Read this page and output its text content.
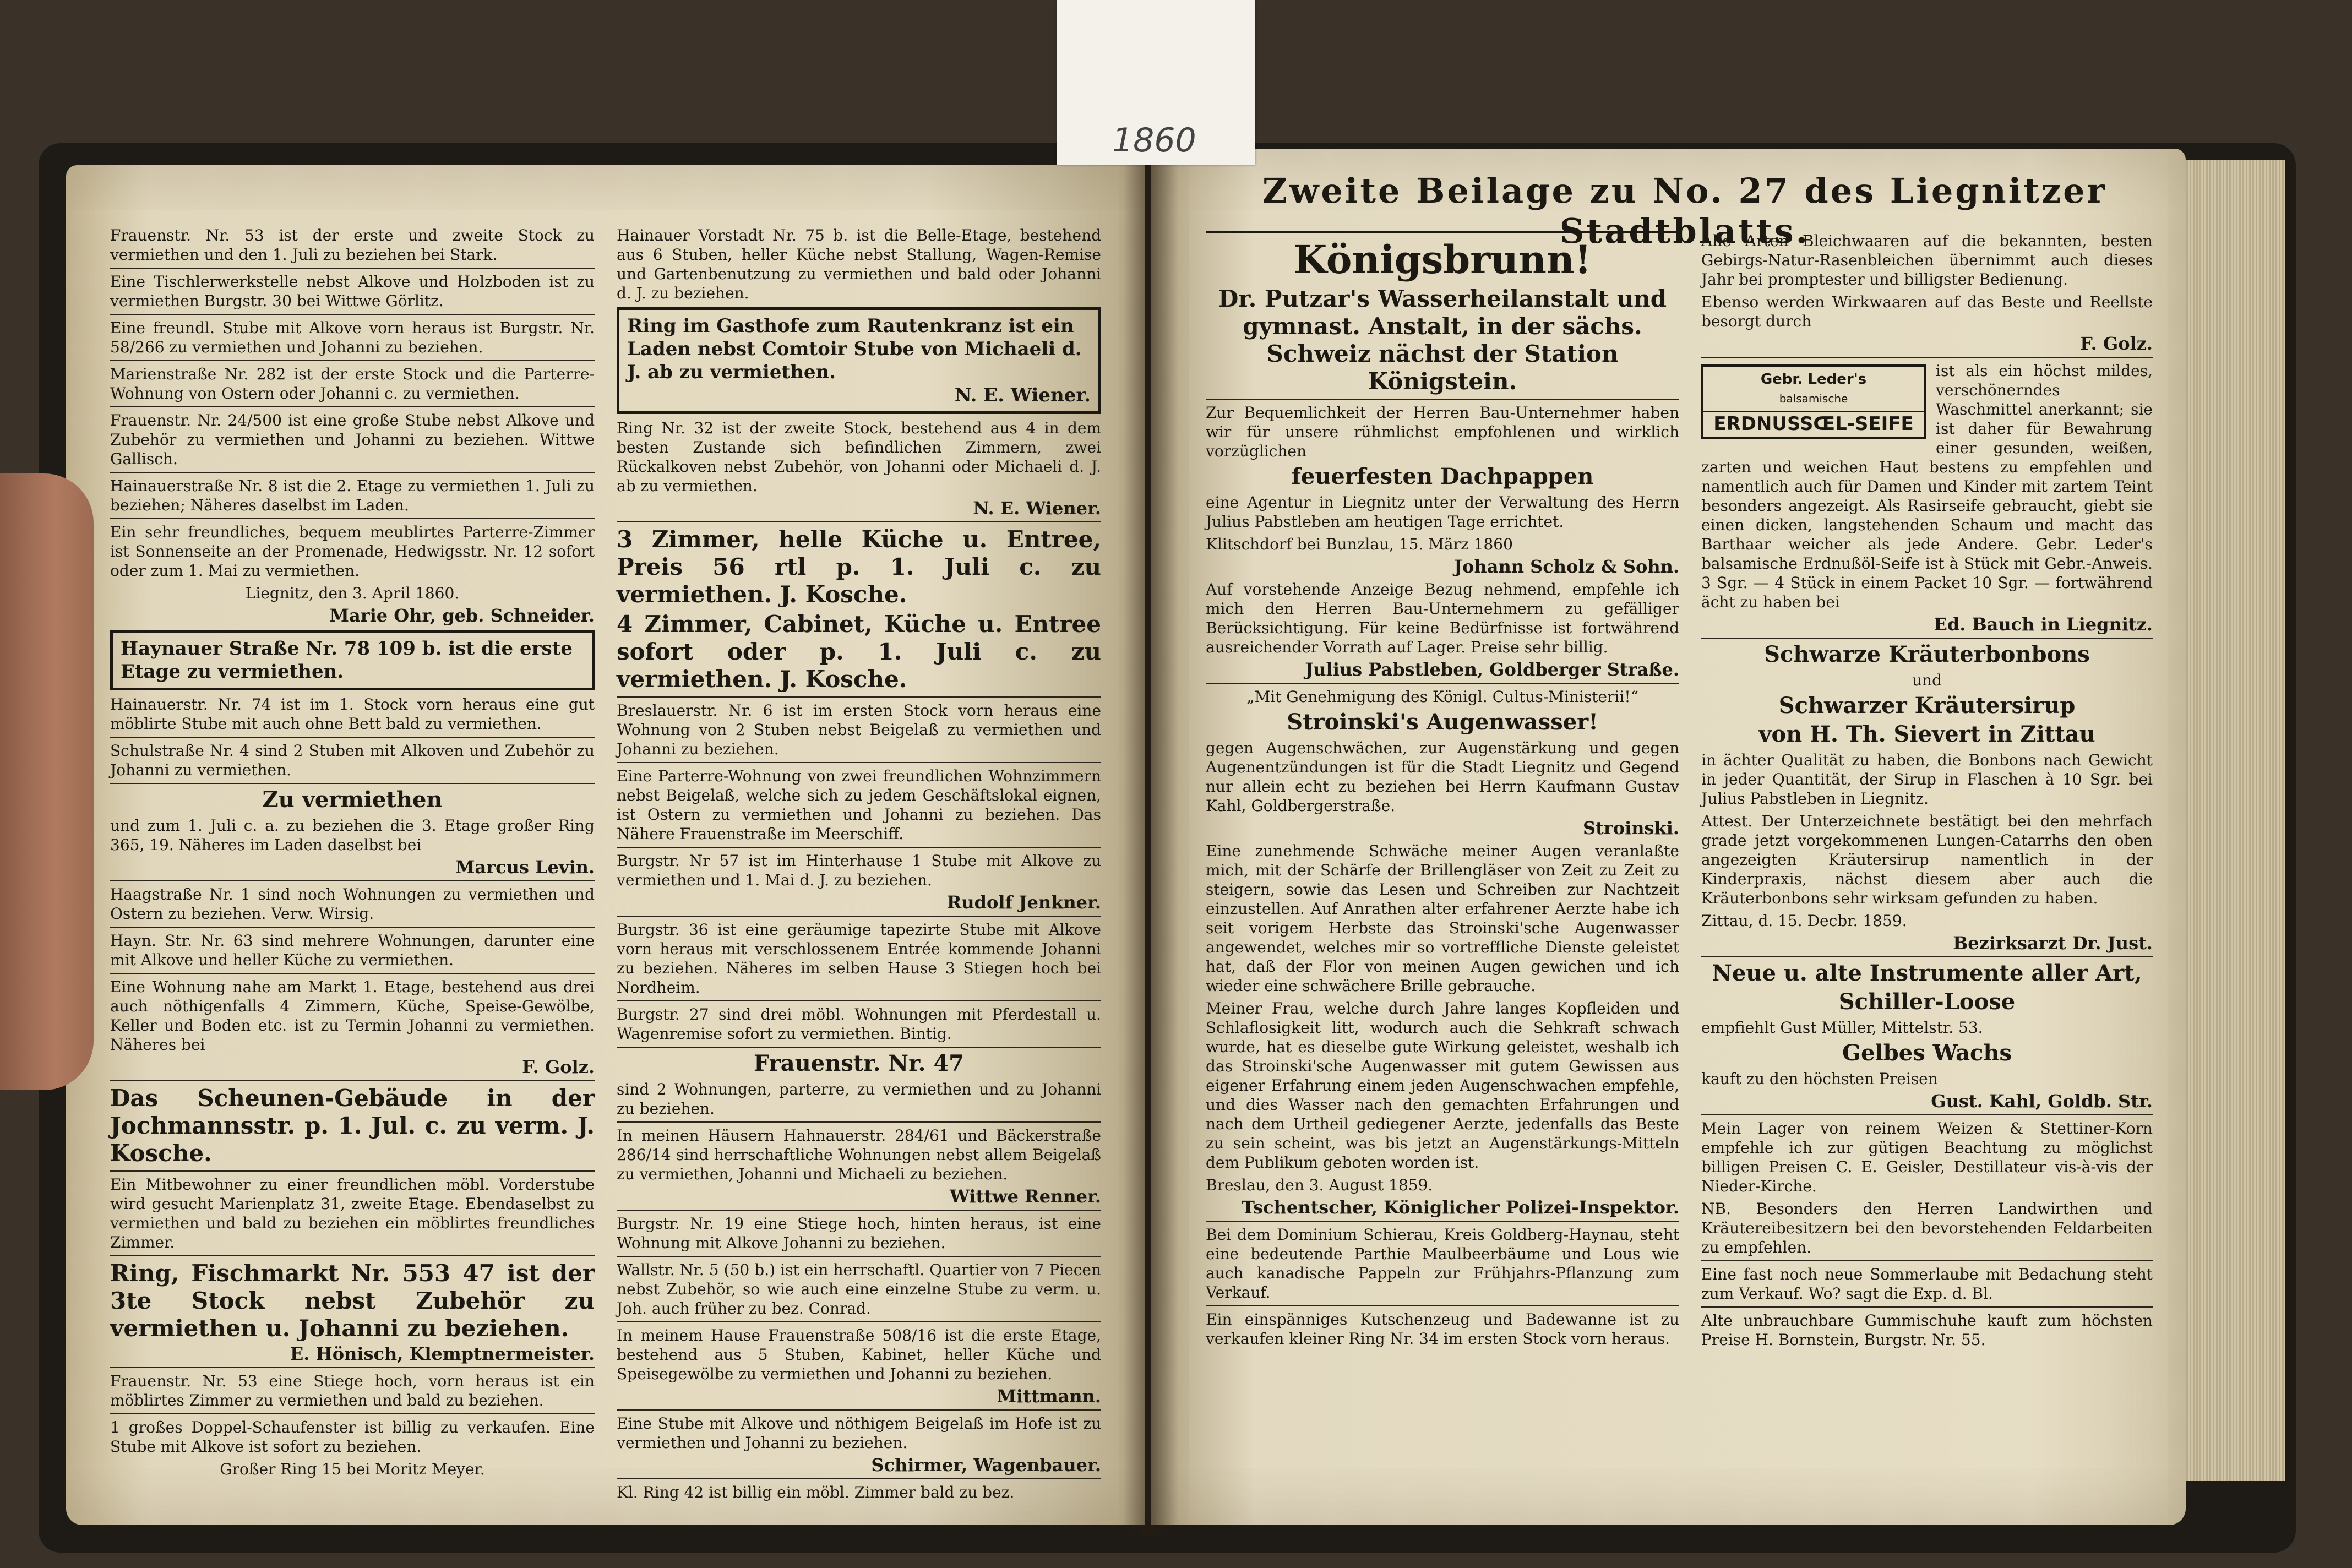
Frauenstr. Nr. 53 ist der erste und zweite Stock zu vermiethen und den 1. Juli zu beziehen bei Stark.

Eine Tischlerwerkstelle nebst Alkove und Holzboden ist zu vermiethen Burgstr. 30 bei Wittwe Görlitz.

Eine freundl. Stube mit Alkove vorn heraus ist Burgstr. Nr. 58/266 zu vermiethen und Johanni zu beziehen.

Marienstraße Nr. 282 ist der erste Stock und die Parterre-Wohnung von Ostern oder Johanni c. zu vermiethen.

Frauenstr. Nr. 24/500 ist eine große Stube nebst Alkove und Zubehör zu vermiethen und Johanni zu beziehen. Wittwe Gallisch.

Hainauerstraße Nr. 8 ist die 2. Etage zu vermiethen 1. Juli zu beziehen; Näheres daselbst im Laden.

Ein sehr freundliches, bequem meublirtes Parterre-Zimmer ist Sonnenseite an der Promenade, Hedwigsstr. Nr. 12 sofort oder zum 1. Mai zu vermiethen.

Liegnitz, den 3. April 1860.

Marie Ohr, geb. Schneider.

Haynauer Straße Nr. 78 109 b. ist die erste Etage zu vermiethen.

Hainauerstr. Nr. 74 ist im 1. Stock vorn heraus eine gut möblirte Stube mit auch ohne Bett bald zu vermiethen.

Schulstraße Nr. 4 sind 2 Stuben mit Alkoven und Zubehör zu Johanni zu vermiethen.

Zu vermiethen

und zum 1. Juli c. a. zu beziehen die 3. Etage großer Ring 365, 19. Näheres im Laden daselbst bei

Marcus Levin.

Haagstraße Nr. 1 sind noch Wohnungen zu vermiethen und Ostern zu beziehen. Verw. Wirsig.

Hayn. Str. Nr. 63 sind mehrere Wohnungen, darunter eine mit Alkove und heller Küche zu vermiethen.

Eine Wohnung nahe am Markt 1. Etage, bestehend aus drei auch nöthigenfalls 4 Zimmern, Küche, Speise-Gewölbe, Keller und Boden etc. ist zu Termin Johanni zu vermiethen. Näheres bei

F. Golz.

Das Scheunen-Gebäude in der Jochmannsstr. p. 1. Jul. c. zu verm. J. Kosche.

Ein Mitbewohner zu einer freundlichen möbl. Vorderstube wird gesucht Marienplatz 31, zweite Etage. Ebendaselbst zu vermiethen und bald zu beziehen ein möblirtes freundliches Zimmer.

Ring, Fischmarkt Nr. 553 47 ist der 3te Stock nebst Zubehör zu vermiethen u. Johanni zu beziehen.

E. Hönisch, Klemptnermeister.

Frauenstr. Nr. 53 eine Stiege hoch, vorn heraus ist ein möblirtes Zimmer zu vermiethen und bald zu beziehen.

1 großes Doppel-Schaufenster ist billig zu verkaufen. Eine Stube mit Alkove ist sofort zu beziehen.

Großer Ring 15 bei Moritz Meyer.

Hainauer Vorstadt Nr. 75 b. ist die Belle-Etage, bestehend aus 6 Stuben, heller Küche nebst Stallung, Wagen-Remise und Gartenbenutzung zu vermiethen und bald oder Johanni d. J. zu beziehen.

Ring im Gasthofe zum Rautenkranz ist ein Laden nebst Comtoir Stube von Michaeli d. J. ab zu vermiethen.
N. E. Wiener.

Ring Nr. 32 ist der zweite Stock, bestehend aus 4 in dem besten Zustande sich befindlichen Zimmern, zwei Rückalkoven nebst Zubehör, von Johanni oder Michaeli d. J. ab zu vermiethen.

N. E. Wiener.

3 Zimmer, helle Küche u. Entree, Preis 56 rtl p. 1. Juli c. zu vermiethen. J. Kosche.

4 Zimmer, Cabinet, Küche u. Entree sofort oder p. 1. Juli c. zu vermiethen. J. Kosche.

Breslauerstr. Nr. 6 ist im ersten Stock vorn heraus eine Wohnung von 2 Stuben nebst Beigelaß zu vermiethen und Johanni zu beziehen.

Eine Parterre-Wohnung von zwei freundlichen Wohnzimmern nebst Beigelaß, welche sich zu jedem Geschäftslokal eignen, ist Ostern zu vermiethen und Johanni zu beziehen. Das Nähere Frauenstraße im Meerschiff.

Burgstr. Nr 57 ist im Hinterhause 1 Stube mit Alkove zu vermiethen und 1. Mai d. J. zu beziehen.

Rudolf Jenkner.

Burgstr. 36 ist eine geräumige tapezirte Stube mit Alkove vorn heraus mit verschlossenem Entrée kommende Johanni zu beziehen. Näheres im selben Hause 3 Stiegen hoch bei Nordheim.

Burgstr. 27 sind drei möbl. Wohnungen mit Pferdestall u. Wagenremise sofort zu vermiethen. Bintig.

Frauenstr. Nr. 47

sind 2 Wohnungen, parterre, zu vermiethen und zu Johanni zu beziehen.

In meinen Häusern Hahnauerstr. 284/61 und Bäckerstraße 286/14 sind herrschaftliche Wohnungen nebst allem Beigelaß zu vermiethen, Johanni und Michaeli zu beziehen.

Wittwe Renner.

Burgstr. Nr. 19 eine Stiege hoch, hinten heraus, ist eine Wohnung mit Alkove Johanni zu beziehen.

Wallstr. Nr. 5 (50 b.) ist ein herrschaftl. Quartier von 7 Piecen nebst Zubehör, so wie auch eine einzelne Stube zu verm. u. Joh. auch früher zu bez. Conrad.

In meinem Hause Frauenstraße 508/16 ist die erste Etage, bestehend aus 5 Stuben, Kabinet, heller Küche und Speisegewölbe zu vermiethen und Johanni zu beziehen.

Mittmann.

Eine Stube mit Alkove und nöthigem Beigelaß im Hofe ist zu vermiethen und Johanni zu beziehen.

Schirmer, Wagenbauer.

Kl. Ring 42 ist billig ein möbl. Zimmer bald zu bez.

Zweite Beilage zu No. 27 des Liegnitzer Stadtblatts.

Königsbrunn!

Dr. Putzar's Wasserheilanstalt und gymnast. Anstalt, in der sächs. Schweiz nächst der Station Königstein.

Zur Bequemlichkeit der Herren Bau-Unternehmer haben wir für unsere rühmlichst empfohlenen und wirklich vorzüglichen

feuerfesten Dachpappen

eine Agentur in Liegnitz unter der Verwaltung des Herrn Julius Pabstleben am heutigen Tage errichtet.

Klitschdorf bei Bunzlau, 15. März 1860

Johann Scholz & Sohn.

Auf vorstehende Anzeige Bezug nehmend, empfehle ich mich den Herren Bau-Unternehmern zu gefälliger Berücksichtigung. Für keine Bedürfnisse ist fortwährend ausreichender Vorrath auf Lager. Preise sehr billig.

Julius Pabstleben, Goldberger Straße.

„Mit Genehmigung des Königl. Cultus-Ministerii!“

Stroinski's Augenwasser!

gegen Augenschwächen, zur Augenstärkung und gegen Augenentzündungen ist für die Stadt Liegnitz und Gegend nur allein echt zu beziehen bei Herrn Kaufmann Gustav Kahl, Goldbergerstraße.

Stroinski.

Eine zunehmende Schwäche meiner Augen veranlaßte mich, mit der Schärfe der Brillengläser von Zeit zu Zeit zu steigern, sowie das Lesen und Schreiben zur Nachtzeit einzustellen. Auf Anrathen alter erfahrener Aerzte habe ich seit vorigem Herbste das Stroinski'sche Augenwasser angewendet, welches mir so vortreffliche Dienste geleistet hat, daß der Flor von meinen Augen gewichen und ich wieder eine schwächere Brille gebrauche.

Meiner Frau, welche durch Jahre langes Kopfleiden und Schlaflosigkeit litt, wodurch auch die Sehkraft schwach wurde, hat es dieselbe gute Wirkung geleistet, weshalb ich das Stroinski'sche Augenwasser mit gutem Gewissen aus eigener Erfahrung einem jeden Augenschwachen empfehle, und dies Wasser nach den gemachten Erfahrungen und nach dem Urtheil gediegener Aerzte, jedenfalls das Beste zu sein scheint, was bis jetzt an Augenstärkungs-Mitteln dem Publikum geboten worden ist.

Breslau, den 3. August 1859.

Tschentscher, Königlicher Polizei-Inspektor.

Bei dem Dominium Schierau, Kreis Goldberg-Haynau, steht eine bedeutende Parthie Maulbeerbäume und Lous wie auch kanadische Pappeln zur Frühjahrs-Pflanzung zum Verkauf.

Ein einspänniges Kutschenzeug und Badewanne ist zu verkaufen kleiner Ring Nr. 34 im ersten Stock vorn heraus.

Alle Arten Bleichwaaren auf die bekannten, besten Gebirgs-Natur-Rasenbleichen übernimmt auch dieses Jahr bei promptester und billigster Bedienung.

Ebenso werden Wirkwaaren auf das Beste und Reellste besorgt durch

F. Golz.

Gebr. Leder's
balsamische
ERDNUSSŒL-SEIFE

ist als ein höchst mildes, verschönerndes Waschmittel anerkannt; sie ist daher für Bewahrung einer gesunden, weißen, zarten und weichen Haut bestens zu empfehlen und namentlich auch für Damen und Kinder mit zartem Teint besonders angezeigt. Als Rasirseife gebraucht, giebt sie einen dicken, langstehenden Schaum und macht das Barthaar weicher als jede Andere. Gebr. Leder's balsamische Erdnußöl-Seife ist à Stück mit Gebr.-Anweis. 3 Sgr. — 4 Stück in einem Packet 10 Sgr. — fortwährend ächt zu haben bei

Ed. Bauch in Liegnitz.

Schwarze Kräuterbonbons

und

Schwarzer Kräutersirup

von H. Th. Sievert in Zittau

in ächter Qualität zu haben, die Bonbons nach Gewicht in jeder Quantität, der Sirup in Flaschen à 10 Sgr. bei Julius Pabstleben in Liegnitz.

Attest. Der Unterzeichnete bestätigt bei den mehrfach grade jetzt vorgekommenen Lungen-Catarrhs den oben angezeigten Kräutersirup namentlich in der Kinderpraxis, nächst diesem aber auch die Kräuterbonbons sehr wirksam gefunden zu haben.

Zittau, d. 15. Decbr. 1859.

Bezirksarzt Dr. Just.

Neue u. alte Instrumente aller Art,

Schiller-Loose

empfiehlt Gust Müller, Mittelstr. 53.

Gelbes Wachs

kauft zu den höchsten Preisen

Gust. Kahl, Goldb. Str.

Mein Lager von reinem Weizen & Stettiner-Korn empfehle ich zur gütigen Beachtung zu möglichst billigen Preisen C. E. Geisler, Destillateur vis-à-vis der Nieder-Kirche.

NB. Besonders den Herren Landwirthen und Kräutereibesitzern bei den bevorstehenden Feldarbeiten zu empfehlen.

Eine fast noch neue Sommerlaube mit Bedachung steht zum Verkauf. Wo? sagt die Exp. d. Bl.

Alte unbrauchbare Gummischuhe kauft zum höchsten Preise H. Bornstein, Burgstr. Nr. 55.

1860
